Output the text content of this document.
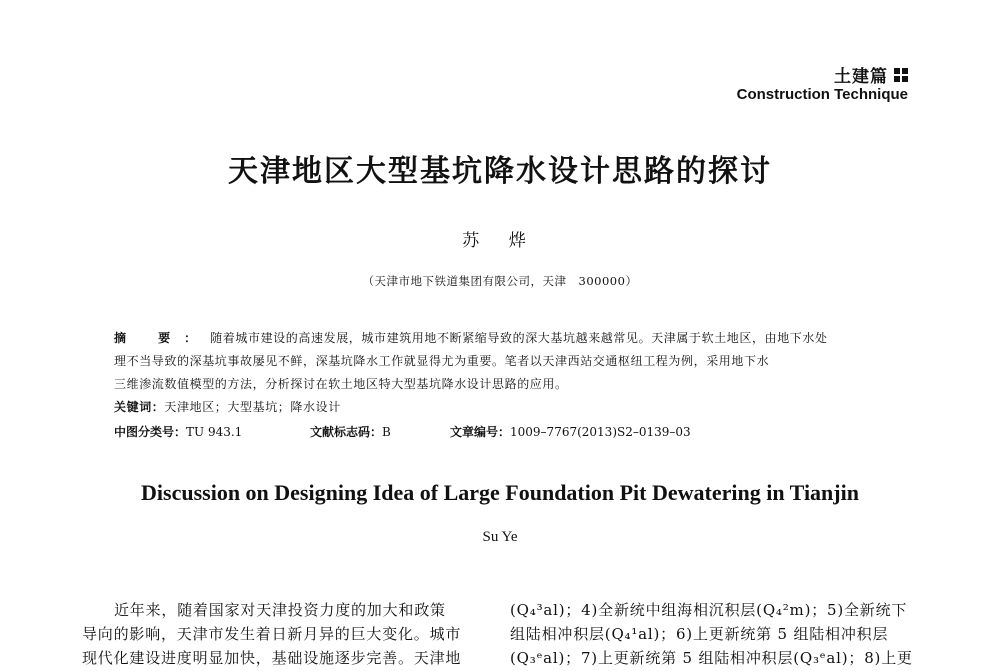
土建篇
Construction Technique
天津地区大型基坑降水设计思路的探讨
苏 烨
（天津市地下铁道集团有限公司，天津　300000）

摘 要：随着城市建设的高速发展，城市建筑用地不断紧缩导致的深大基坑越来越常见。天津属于软土地区，由地下水处

理不当导致的深基坑事故屡见不鲜，深基坑降水工作就显得尤为重要。笔者以天津西站交通枢纽工程为例，采用地下水

三维渗流数值模型的方法，分析探讨在软土地区特大型基坑降水设计思路的应用。

关键词：天津地区；大型基坑；降水设计

中图分类号：TU 943.1	文献标志码：B	文章编号：1009–7767(2013)S2–0139–03
Discussion on Designing Idea of Large Foundation Pit Dewatering in Tianjin
Su Ye
近年来，随着国家对天津投资力度的加大和政策
导向的影响，天津市发生着日新月异的巨大变化。城市
现代化建设进度明显加快，基础设施逐步完善。天津地
(Q₄³al)；4)全新统中组海相沉积层(Q₄²m)；5)全新统下
组陆相冲积层(Q₄¹al)；6)上更新统第 5 组陆相冲积层
(Q₃ᵉal)；7)上更新统第 5 组陆相冲积层(Q₃ᵉal)；8)上更
